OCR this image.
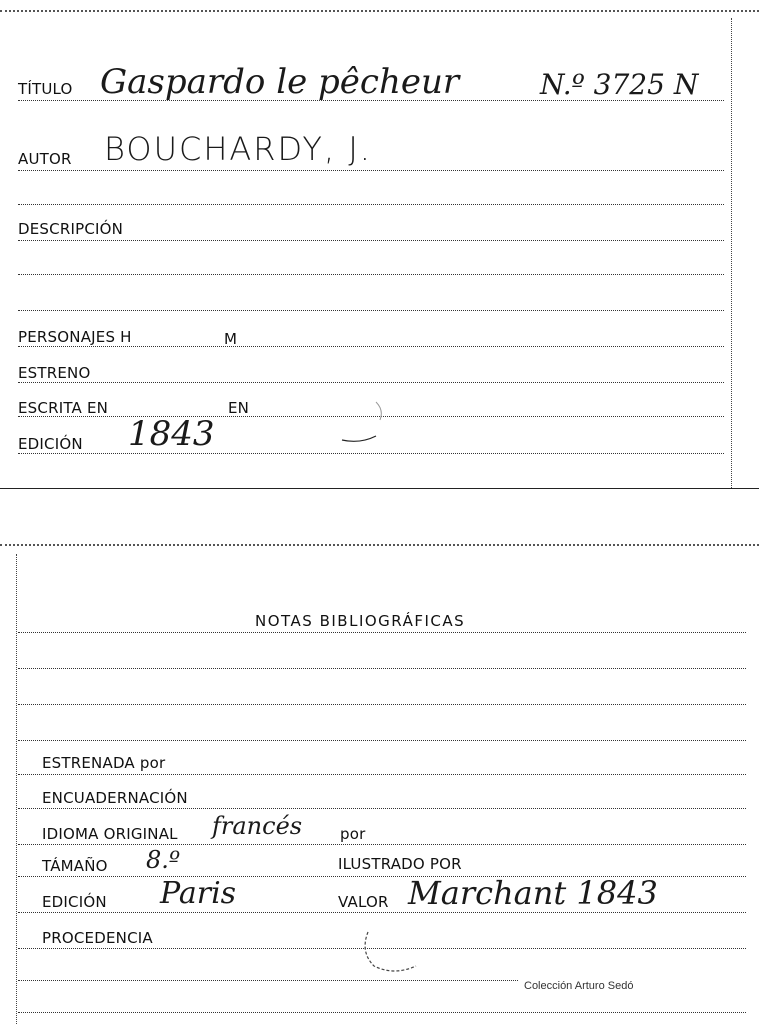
TÍTULO Gaspardo le pêcheur	N.º 3725 N
AUTOR BOUCHARDY, J.
DESCRIPCIÓN
PERSONAJES H	M
ESTRENO
ESCRITA EN	EN
EDICIÓN 1843
NOTAS BIBLIOGRÁFICAS
ESTRENADA por
ENCUADERNACIÓN
IDIOMA ORIGINAL francés	por
TÁMAÑO 8.º	ILUSTRADO POR
EDICIÓN Paris	VALOR Marchant 1843
PROCEDENCIA
Colección Arturo Sedó
